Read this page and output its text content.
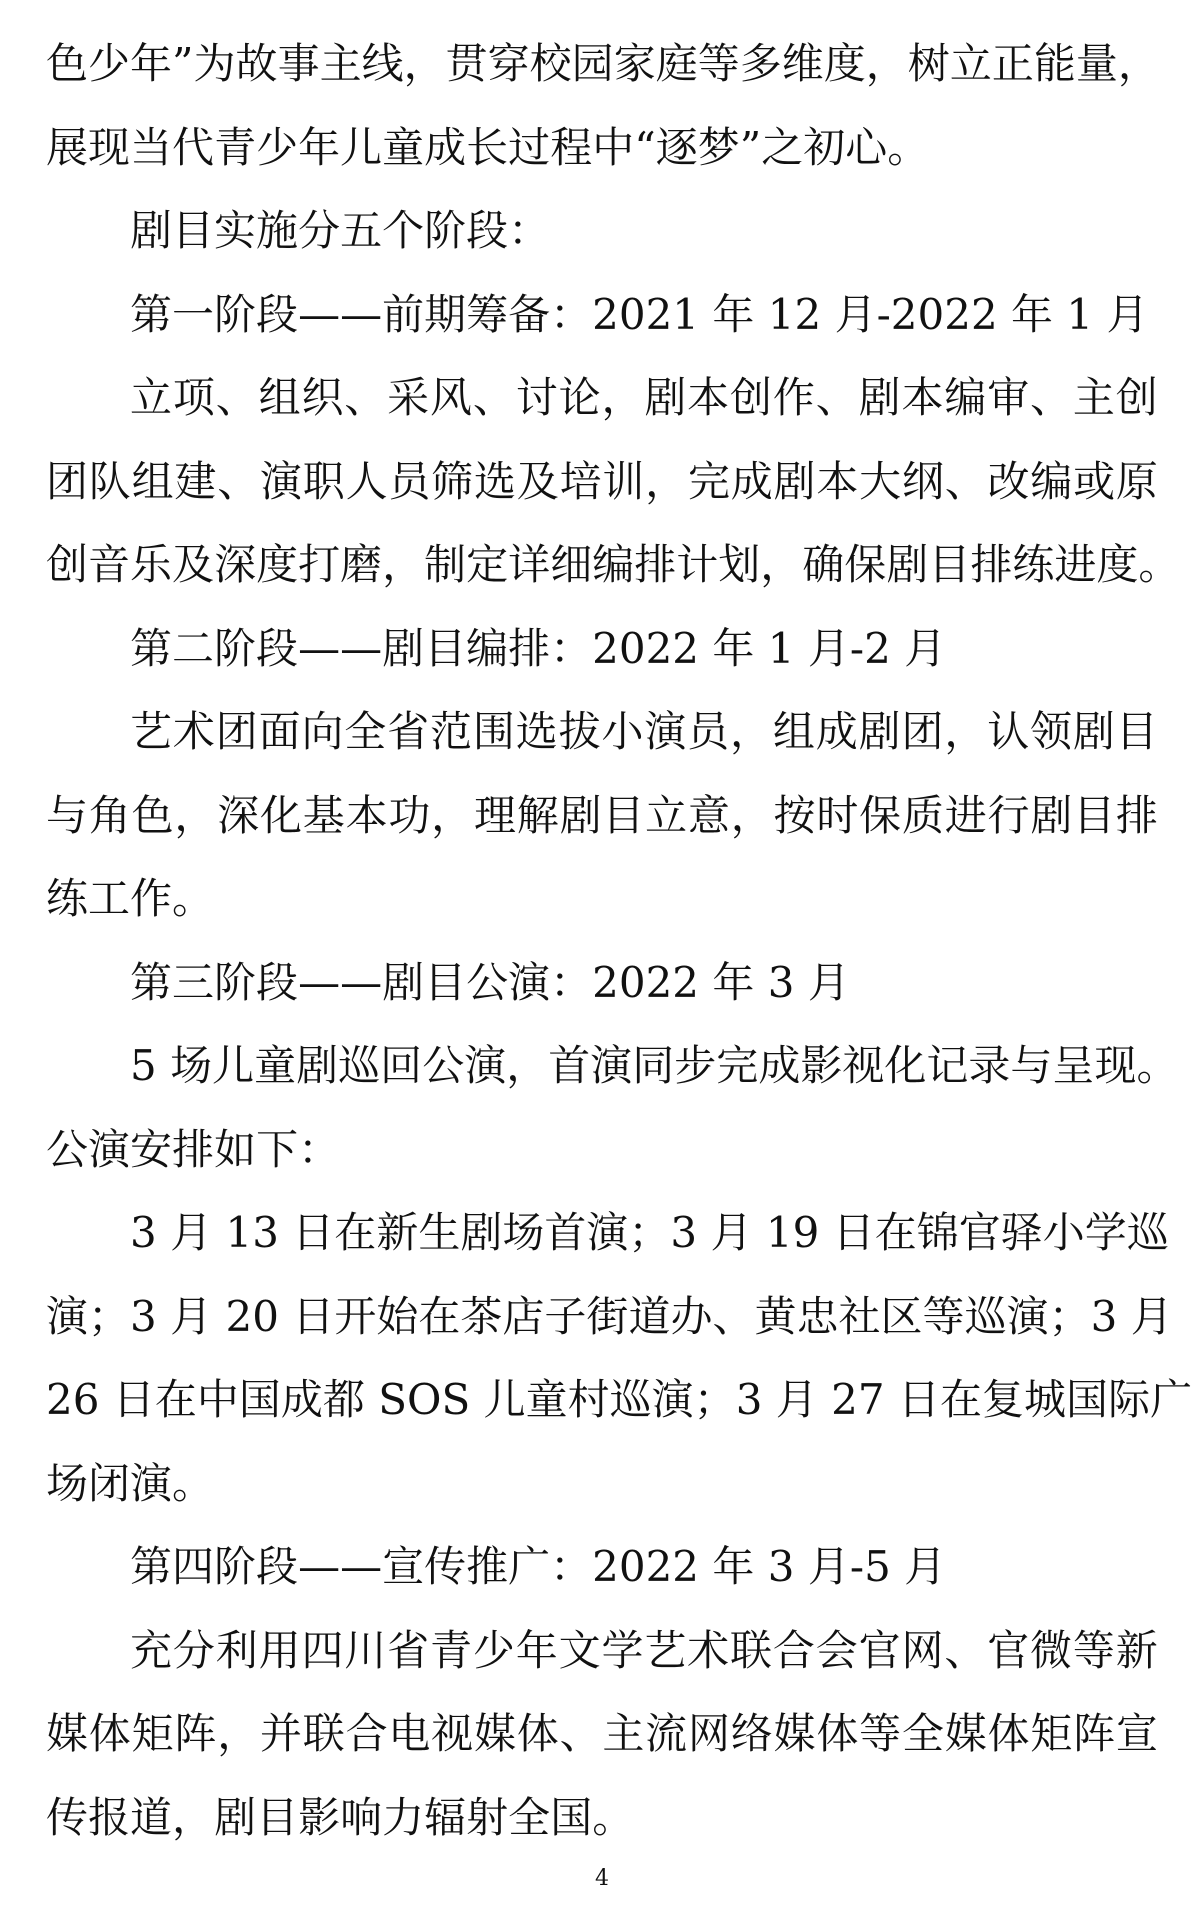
色 少 年 ” 为 故 事 主 线 ， 贯 穿 校 园 家 庭 等 多 维 度 ， 树 立 正 能 量 ，
展 现 当 代 青 少 年 儿 童 成 长 过 程 中 “ 逐 梦 ” 之 初 心 。
剧 目 实 施 分 五 个 阶 段 ：
第 一 阶 段 — — 前 期 筹 备 ： 2021
年
12
月 -2022
年
1
月
立 项 、 组 织 、 采 风 、 讨 论 ， 剧 本 创 作 、 剧 本 编 审 、 主 创
团 队 组 建 、 演 职 人 员 筛 选 及 培 训 ， 完 成 剧 本 大 纲 、 改 编 或 原
创 音 乐 及 深 度 打 磨 ， 制 定 详 细 编 排 计 划 ， 确 保 剧 目 排 练 进 度 。
第 二 阶 段 — — 剧 目 编 排 ： 2022
年
1
月 -2
月
艺 术 团 面 向 全 省 范 围 选 拔 小 演 员 ， 组 成 剧 团 ， 认 领 剧 目
与 角 色 ， 深 化 基 本 功 ， 理 解 剧 目 立 意 ， 按 时 保 质 进 行 剧 目 排
练 工 作 。
第 三 阶 段 — — 剧 目 公 演 ： 2022
年
3
月
5
场 儿 童 剧 巡 回 公 演 ， 首 演 同 步 完 成 影 视 化 记 录 与 呈 现 。
公 演 安 排 如 下 ：
3
月
13
日 在 新 生 剧 场 首 演 ； 3
月
19
日 在 锦 官 驿 小 学 巡
演 ； 3
月
20
日 开 始 在 茶 店 子 街 道 办 、 黄 忠 社 区 等 巡 演 ； 3
月
26
日 在 中 国 成 都
SOS
儿 童 村 巡 演 ； 3
月
27
日 在 复 城 国 际 广
场 闭 演 。
第 四 阶 段 — — 宣 传 推 广 ： 2022
年
3
月 -5
月
充 分 利 用 四 川 省 青 少 年 文 学 艺 术 联 合 会 官 网 、 官 微 等 新
媒 体 矩 阵 ， 并 联 合 电 视 媒 体 、 主 流 网 络 媒 体 等 全 媒 体 矩 阵 宣
传 报 道 ， 剧 目 影 响 力 辐 射 全 国 。
4
